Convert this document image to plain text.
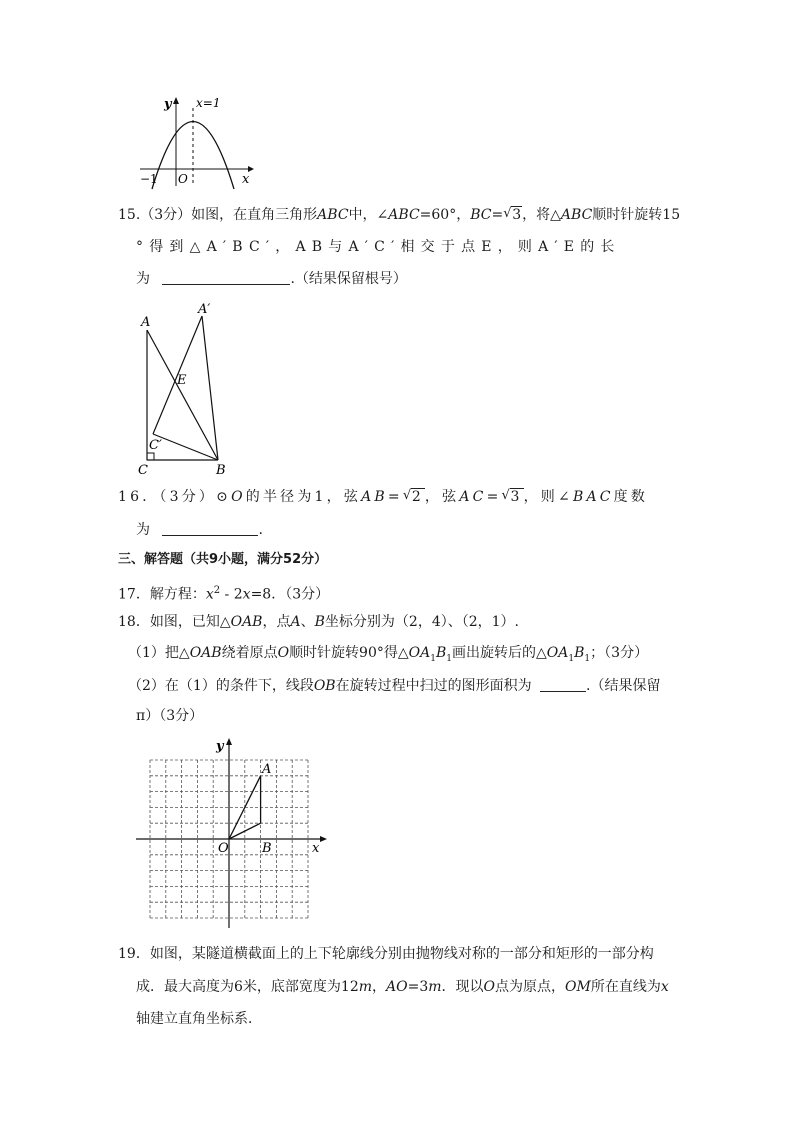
y
x
x=1
O
−1
15.（3分）如图，在直角三角形ABC中，∠ABC=60°，BC= √ 3，将△ABC顺时针旋转15
°得到△A′BC′，AB与A′C′相交于点E，则A′E的长
为	.（结果保留根号）
A
A′
E
C′
C	B
16．（3分）⊙O的半径为1，弦AB= √
2，弦AC= √
3，则∠BAC度数
为	.
三、解答题（共9小题，满分52分）
17．解方程：$x^2 - 2x=8$．（3分）
18．如图，已知△OAB，点A、B坐标分别为（2，4）、（2，1）.
（1）把△OAB绕着原点O顺时针旋转90°得$\triangle OA_1B_1$画出旋转后的$\triangle OA_1B_1$；（3分）
（2）在（1）的条件下，线段OB在旋转过程中扫过的图形面积为	.（结果保留
π）（3分）
y
x
O
A
B
19．如图，某隧道横截面上的上下轮廓线分别由抛物线对称的一部分和矩形的一部分构
成．最大高度为6米，底部宽度为12m，AO=3m．现以O点为原点，OM所在直线为x
轴建立直角坐标系．
